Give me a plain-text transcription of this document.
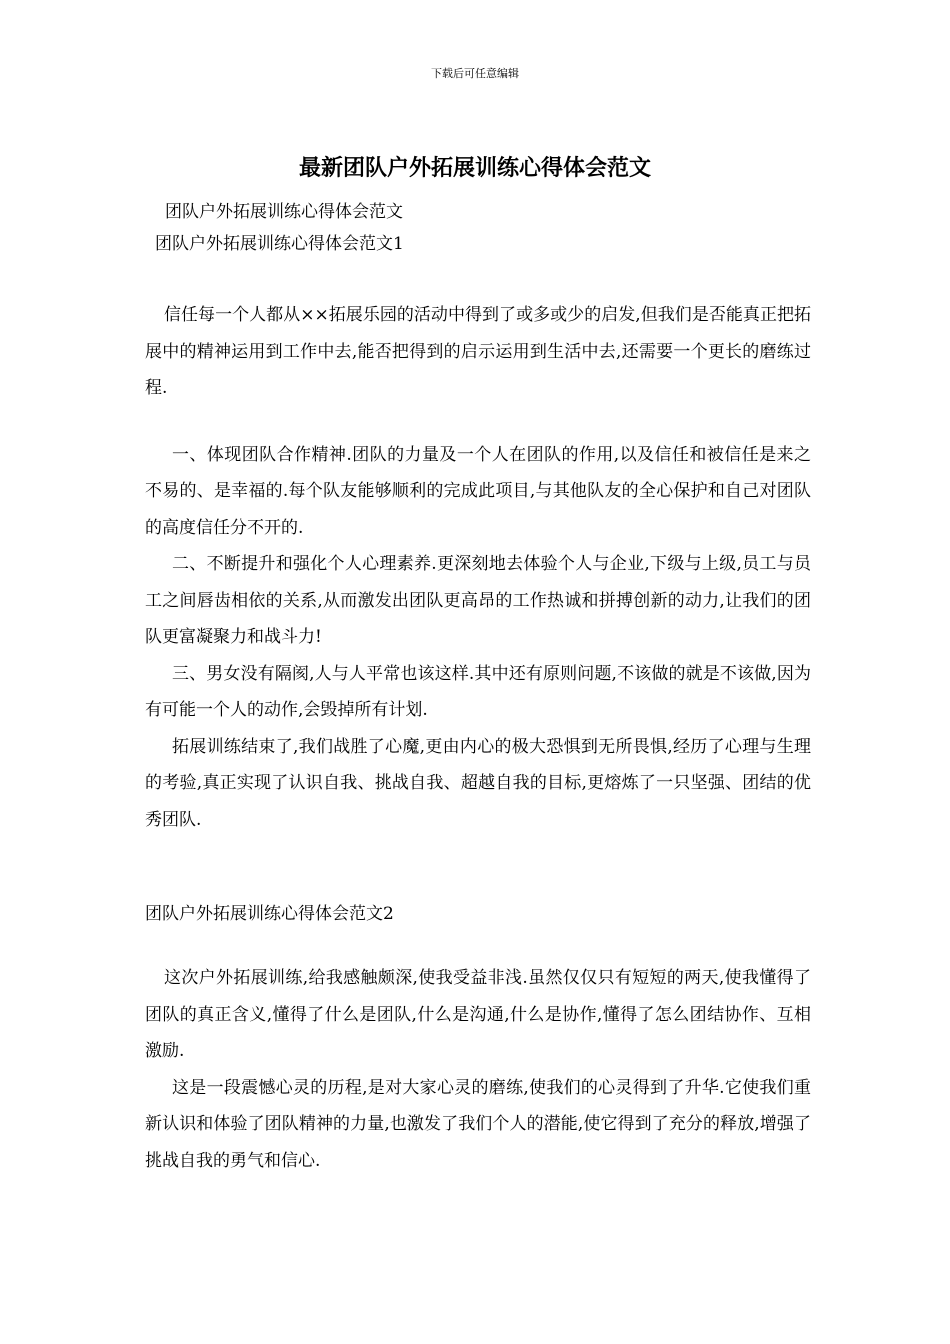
下载后可任意编辑
最新团队户外拓展训练心得体会范文

团队户外拓展训练心得体会范文

团队户外拓展训练心得体会范文1

信任每一个人都从××拓展乐园的活动中得到了或多或少的启发,但我们是否能真正把拓展中的精神运用到工作中去,能否把得到的启示运用到生活中去,还需要一个更长的磨练过程.

一、体现团队合作精神.团队的力量及一个人在团队的作用,以及信任和被信任是来之不易的、是幸福的.每个队友能够顺利的完成此项目,与其他队友的全心保护和自己对团队的高度信任分不开的.

二、不断提升和强化个人心理素养.更深刻地去体验个人与企业,下级与上级,员工与员工之间唇齿相依的关系,从而激发出团队更高昂的工作热诚和拼搏创新的动力,让我们的团队更富凝聚力和战斗力!

三、男女没有隔阂,人与人平常也该这样.其中还有原则问题,不该做的就是不该做,因为有可能一个人的动作,会毁掉所有计划.

拓展训练结束了,我们战胜了心魔,更由内心的极大恐惧到无所畏惧,经历了心理与生理的考验,真正实现了认识自我、挑战自我、超越自我的目标,更熔炼了一只坚强、团结的优秀团队.

团队户外拓展训练心得体会范文2

这次户外拓展训练,给我感触颇深,使我受益非浅.虽然仅仅只有短短的两天,使我懂得了团队的真正含义,懂得了什么是团队,什么是沟通,什么是协作,懂得了怎么团结协作、互相激励.

这是一段震憾心灵的历程,是对大家心灵的磨练,使我们的心灵得到了升华.它使我们重新认识和体验了团队精神的力量,也激发了我们个人的潜能,使它得到了充分的释放,增强了挑战自我的勇气和信心.
